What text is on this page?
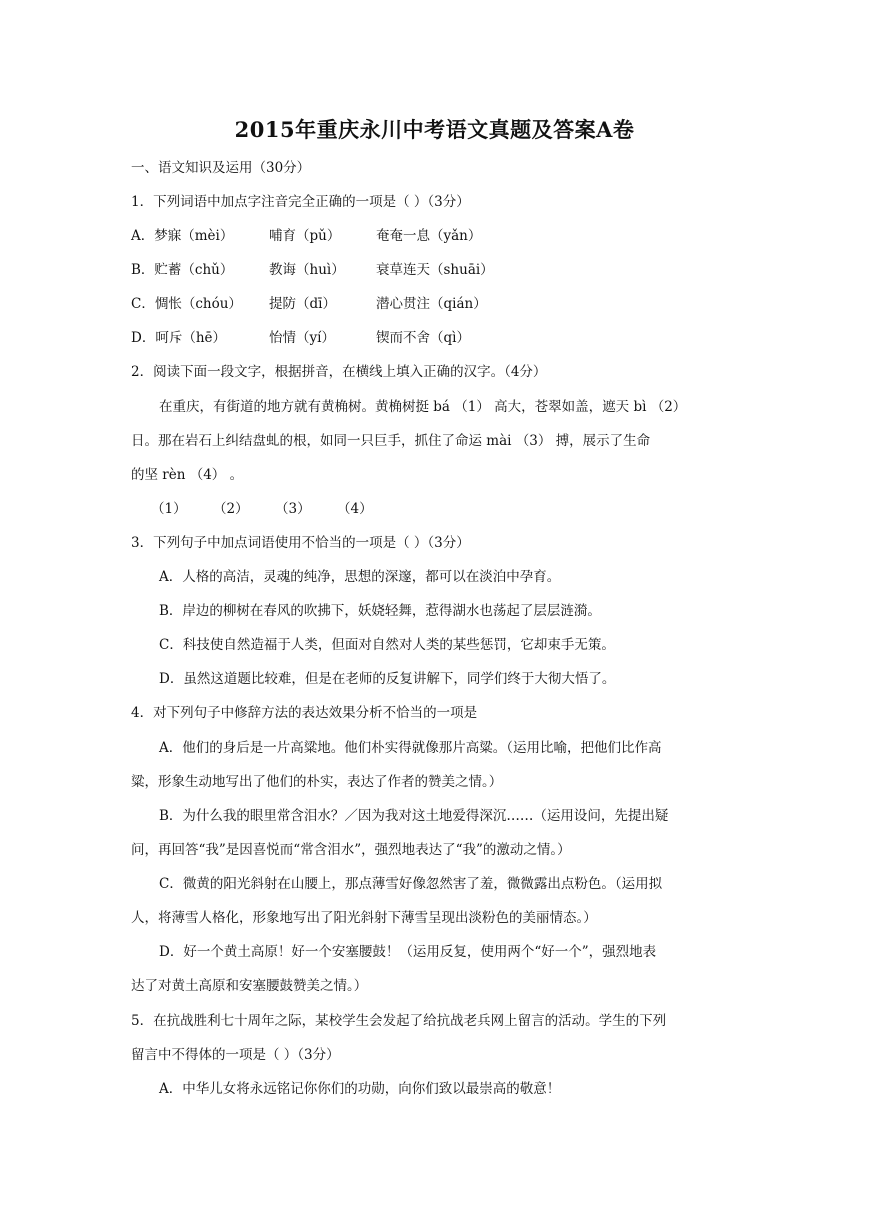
2015年重庆永川中考语文真题及答案A卷
一、语文知识及运用（30分）
1．下列词语中加点字注音完全正确的一项是（ ）（3分）
A．梦寐（mèi）	哺育（pǔ）	奄奄一息（yǎn）
B．贮蓄（chǔ）	教诲（huì） 衰草连天（shuāi）
C．惆怅（chóu） 提防（dī）	潜心贯注（qián）
D．呵斥（hē）	怡情（yí）	锲而不舍（qì）
2．阅读下面一段文字，根据拼音，在横线上填入正确的汉字。（4分）
在重庆，有街道的地方就有黄桷树。黄桷树挺 bá （1） 高大，苍翠如盖，遮天 bì （2）
日。那在岩石上纠结盘虬的根，如同一只巨手，抓住了命运 mài （3） 搏，展示了生命
的坚 rèn （4） 。
（1） （2） （3） （4）
3．下列句子中加点词语使用不恰当的一项是（ ）（3分）
A．人格的高洁，灵魂的纯净，思想的深邃，都可以在淡泊中孕育。
B．岸边的柳树在春风的吹拂下，妖娆轻舞，惹得湖水也荡起了层层涟漪。
C．科技使自然造福于人类，但面对自然对人类的某些惩罚，它却束手无策。
D．虽然这道题比较难，但是在老师的反复讲解下，同学们终于大彻大悟了。
4．对下列句子中修辞方法的表达效果分析不恰当的一项是
A．他们的身后是一片高粱地。他们朴实得就像那片高粱。（运用比喻，把他们比作高
粱，形象生动地写出了他们的朴实，表达了作者的赞美之情。）
B．为什么我的眼里常含泪水？／因为我对这土地爱得深沉……（运用设问，先提出疑
问，再回答“我”是因喜悦而“常含泪水”，强烈地表达了“我”的激动之情。）
C．微黄的阳光斜射在山腰上，那点薄雪好像忽然害了羞，微微露出点粉色。（运用拟
人，将薄雪人格化，形象地写出了阳光斜射下薄雪呈现出淡粉色的美丽情态。）
D．好一个黄土高原！好一个安塞腰鼓！（运用反复，使用两个“好一个”，强烈地表
达了对黄土高原和安塞腰鼓赞美之情。）
5．在抗战胜利七十周年之际，某校学生会发起了给抗战老兵网上留言的活动。学生的下列
留言中不得体的一项是（ ）（3分）
A．中华儿女将永远铭记你你们的功勋，向你们致以最崇高的敬意！
